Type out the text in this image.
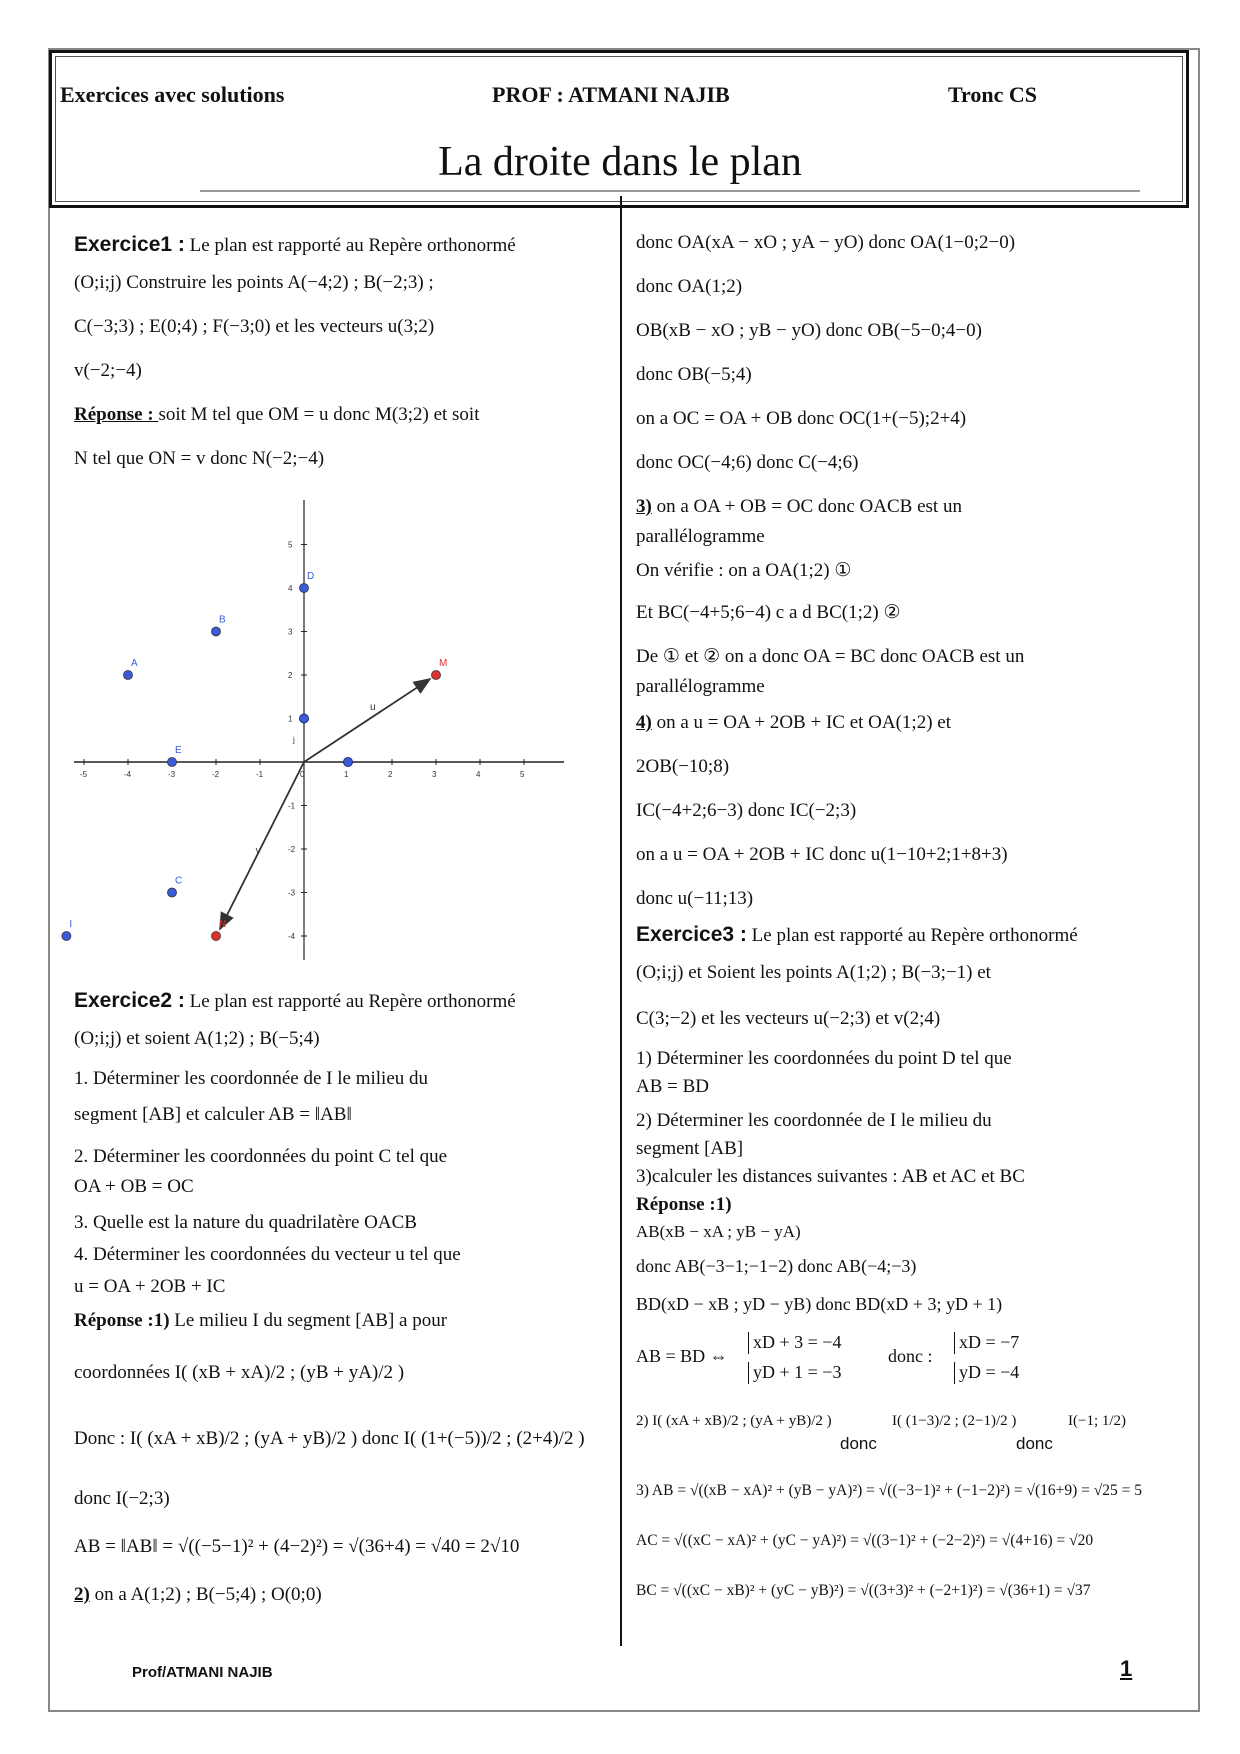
Exercices avec solutions	PROF : ATMANI NAJIB	Tronc CS
La droite dans le plan
Exercice1 : Le plan est rapporté au Repère orthonormé
(O;i;j) Construire les points A(−4;2) ; B(−2;3) ;
C(−3;3) ; E(0;4) ; F(−3;0) et les vecteurs u(3;2)
v(−2;−4)
Réponse : soit M tel que OM = u donc M(3;2) et soit
N tel que ON = v donc N(−2;−4)
Exercice2 : Le plan est rapporté au Repère orthonormé
(O;i;j) et soient A(1;2) ; B(−5;4)
1. Déterminer les coordonnée de I le milieu du
segment [AB] et calculer AB = ‖AB‖
2. Déterminer les coordonnées du point C tel que
OA + OB = OC
3. Quelle est la nature du quadrilatère OACB
4. Déterminer les coordonnées du vecteur u tel que
u = OA + 2OB + IC
Réponse :1) Le milieu I du segment [AB] a pour
coordonnées I( (xB + xA)/2 ; (yB + yA)/2 )
Donc : I( (xA + xB)/2 ; (yA + yB)/2 ) donc I( (1+(−5))/2 ; (2+4)/2 )
donc I(−2;3)
AB = ‖AB‖ = √((−5−1)² + (4−2)²) = √(36+4) = √40 = 2√10
2) on a A(1;2) ; B(−5;4) ; O(0;0)
-5	-4	-3	-2	-1	0	1	2	3	4	5
5
4
3
2
1
-1
-2
-3
-4
u
v
j
A
B
C
E
D
I
M
N
donc OA(xA − xO ; yA − yO) donc OA(1−0;2−0)
donc OA(1;2)
OB(xB − xO ; yB − yO) donc OB(−5−0;4−0)
donc OB(−5;4)
on a OC = OA + OB donc OC(1+(−5);2+4)
donc OC(−4;6) donc C(−4;6)
3) on a OA + OB = OC donc OACB est un
parallélogramme
On vérifie : on a OA(1;2) ①
Et BC(−4+5;6−4) c a d BC(1;2) ②
De ① et ② on a donc OA = BC donc OACB est un
parallélogramme
4) on a u = OA + 2OB + IC et OA(1;2) et
2OB(−10;8)
IC(−4+2;6−3) donc IC(−2;3)
on a u = OA + 2OB + IC donc u(1−10+2;1+8+3)
donc u(−11;13)
Exercice3 : Le plan est rapporté au Repère orthonormé
(O;i;j) et Soient les points A(1;2) ; B(−3;−1) et
C(3;−2) et les vecteurs u(−2;3) et v(2;4)
1) Déterminer les coordonnées du point D tel que
AB = BD
2) Déterminer les coordonnée de I le milieu du
segment [AB]
3)calculer les distances suivantes : AB et AC et BC
Réponse :1)
AB(xB − xA ; yB − yA)
donc AB(−3−1;−1−2) donc AB(−4;−3)
BD(xD − xB ; yD − yB) donc BD(xD + 3; yD + 1)
AB = BD ⇔
xD + 3 = −4
yD + 1 = −3
donc :
xD = −7
yD = −4
2) I( (xA + xB)/2 ; (yA + yB)/2 )
donc
I( (1−3)/2 ; (2−1)/2 )
donc
I(−1; 1/2)
3) AB = √((xB − xA)² + (yB − yA)²) = √((−3−1)² + (−1−2)²) = √(16+9) = √25 = 5
AC = √((xC − xA)² + (yC − yA)²) = √((3−1)² + (−2−2)²) = √(4+16) = √20
BC = √((xC − xB)² + (yC − yB)²) = √((3+3)² + (−2+1)²) = √(36+1) = √37
Prof/ATMANI NAJIB	1
